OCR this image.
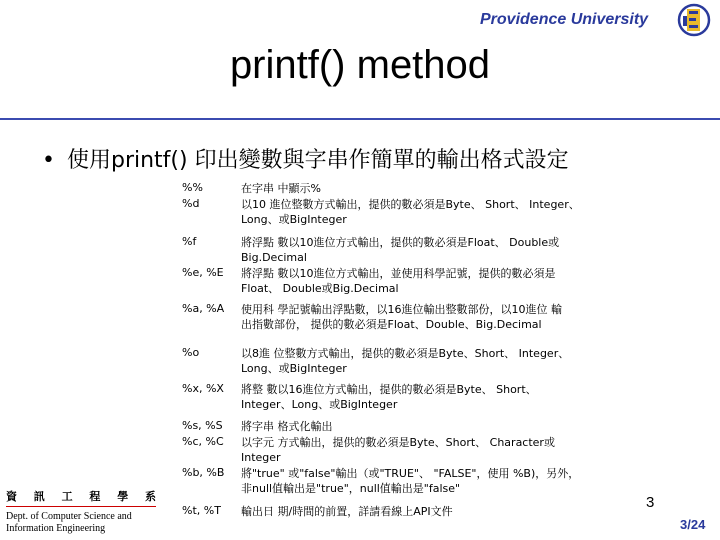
Providence University
printf() method
• 使用printf() 印出變數與字串作簡單的輸出格式設定
%%	在字串 中顯示%
%d	以10 進位整數方式輸出，提供的數必須是Byte、 Short、 Integer、
Long、或BigInteger
%f	將浮點 數以10進位方式輸出，提供的數必須是Float、 Double或
Big.Decimal
%e, %E 將浮點 數以10進位方式輸出，並使用科學記號，提供的數必須是
Float、 Double或Big.Decimal
%a, %A 使用科 學記號輸出浮點數，以16進位輸出整數部份，以10進位 輸
出指數部份， 提供的數必須是Float、Double、Big.Decimal
%o	以8進 位整數方式輸出，提供的數必須是Byte、Short、 Integer、
Long、或BigInteger
%x, %X 將整 數以16進位方式輸出，提供的數必須是Byte、 Short、
Integer、Long、或BigInteger
%s, %S 將字串 格式化輸出
%c, %C 以字元 方式輸出，提供的數必須是Byte、Short、 Character或
Integer
%b, %B 將"true" 或"false"輸出（或"TRUE"、 "FALSE"，使用 %B)，另外，
非null值輸出是"true"，null值輸出是"false"
%t, %T 輸出日 期/時間的前置，詳請看線上API文件
資 訊 工 程 學 系
Dept. of Computer Science and
Information Engineering
3
3/24
